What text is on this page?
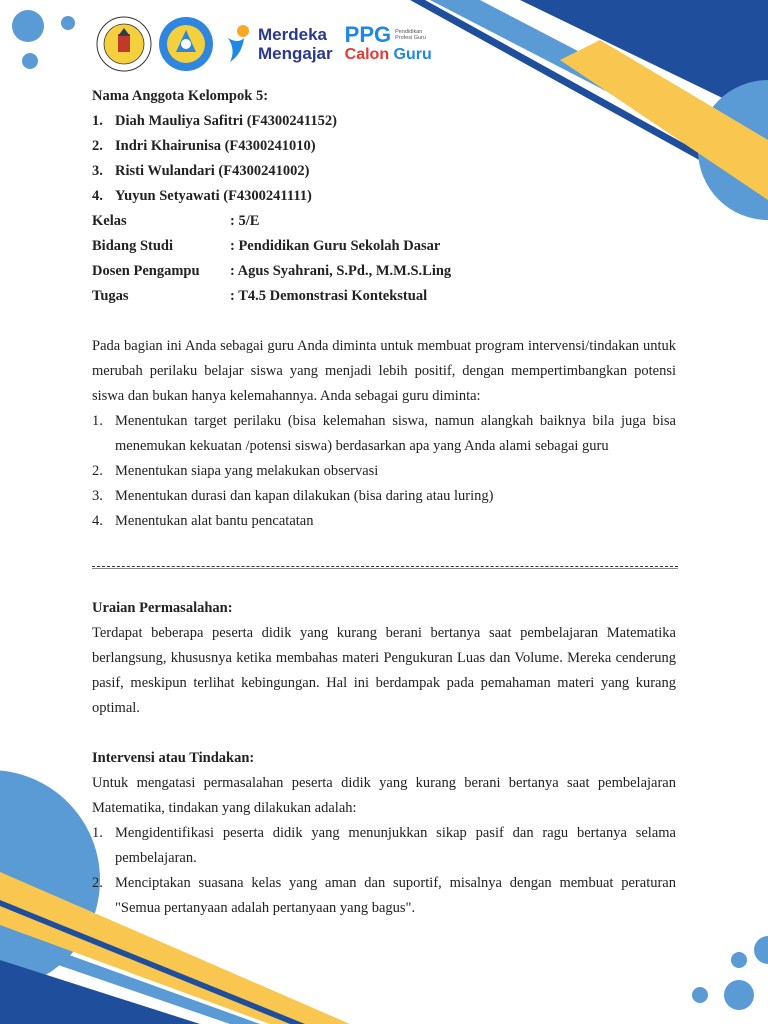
Merdeka
Mengajar
PPG Pendidikan Profesi Guru
Calon Guru
Nama Anggota Kelompok 5:
1. Diah Mauliya Safitri (F4300241152)
2. Indri Khairunisa (F4300241010)
3. Risti Wulandari (F4300241002)
4. Yuyun Setyawati (F4300241111)
Kelas	: 5/E
Bidang Studi	: Pendidikan Guru Sekolah Dasar
Dosen Pengampu : Agus Syahrani, S.Pd., M.M.S.Ling
Tugas	: T4.5 Demonstrasi Kontekstual
Pada bagian ini Anda sebagai guru Anda diminta untuk membuat program intervensi/tindakan untuk merubah perilaku belajar siswa yang menjadi lebih positif, dengan mempertimbangkan potensi siswa dan bukan hanya kelemahannya. Anda sebagai guru diminta:
1. Menentukan target perilaku (bisa kelemahan siswa, namun alangkah baiknya bila juga bisa menemukan kekuatan /potensi siswa) berdasarkan apa yang Anda alami sebagai guru
2. Menentukan siapa yang melakukan observasi
3. Menentukan durasi dan kapan dilakukan (bisa daring atau luring)
4. Menentukan alat bantu pencatatan
Uraian Permasalahan:
Terdapat beberapa peserta didik yang kurang berani bertanya saat pembelajaran Matematika berlangsung, khususnya ketika membahas materi Pengukuran Luas dan Volume. Mereka cenderung pasif, meskipun terlihat kebingungan. Hal ini berdampak pada pemahaman materi yang kurang optimal.
Intervensi atau Tindakan:
Untuk mengatasi permasalahan peserta didik yang kurang berani bertanya saat pembelajaran Matematika, tindakan yang dilakukan adalah:
1. Mengidentifikasi peserta didik yang menunjukkan sikap pasif dan ragu bertanya selama pembelajaran.
2. Menciptakan suasana kelas yang aman dan suportif, misalnya dengan membuat peraturan "Semua pertanyaan adalah pertanyaan yang bagus".
